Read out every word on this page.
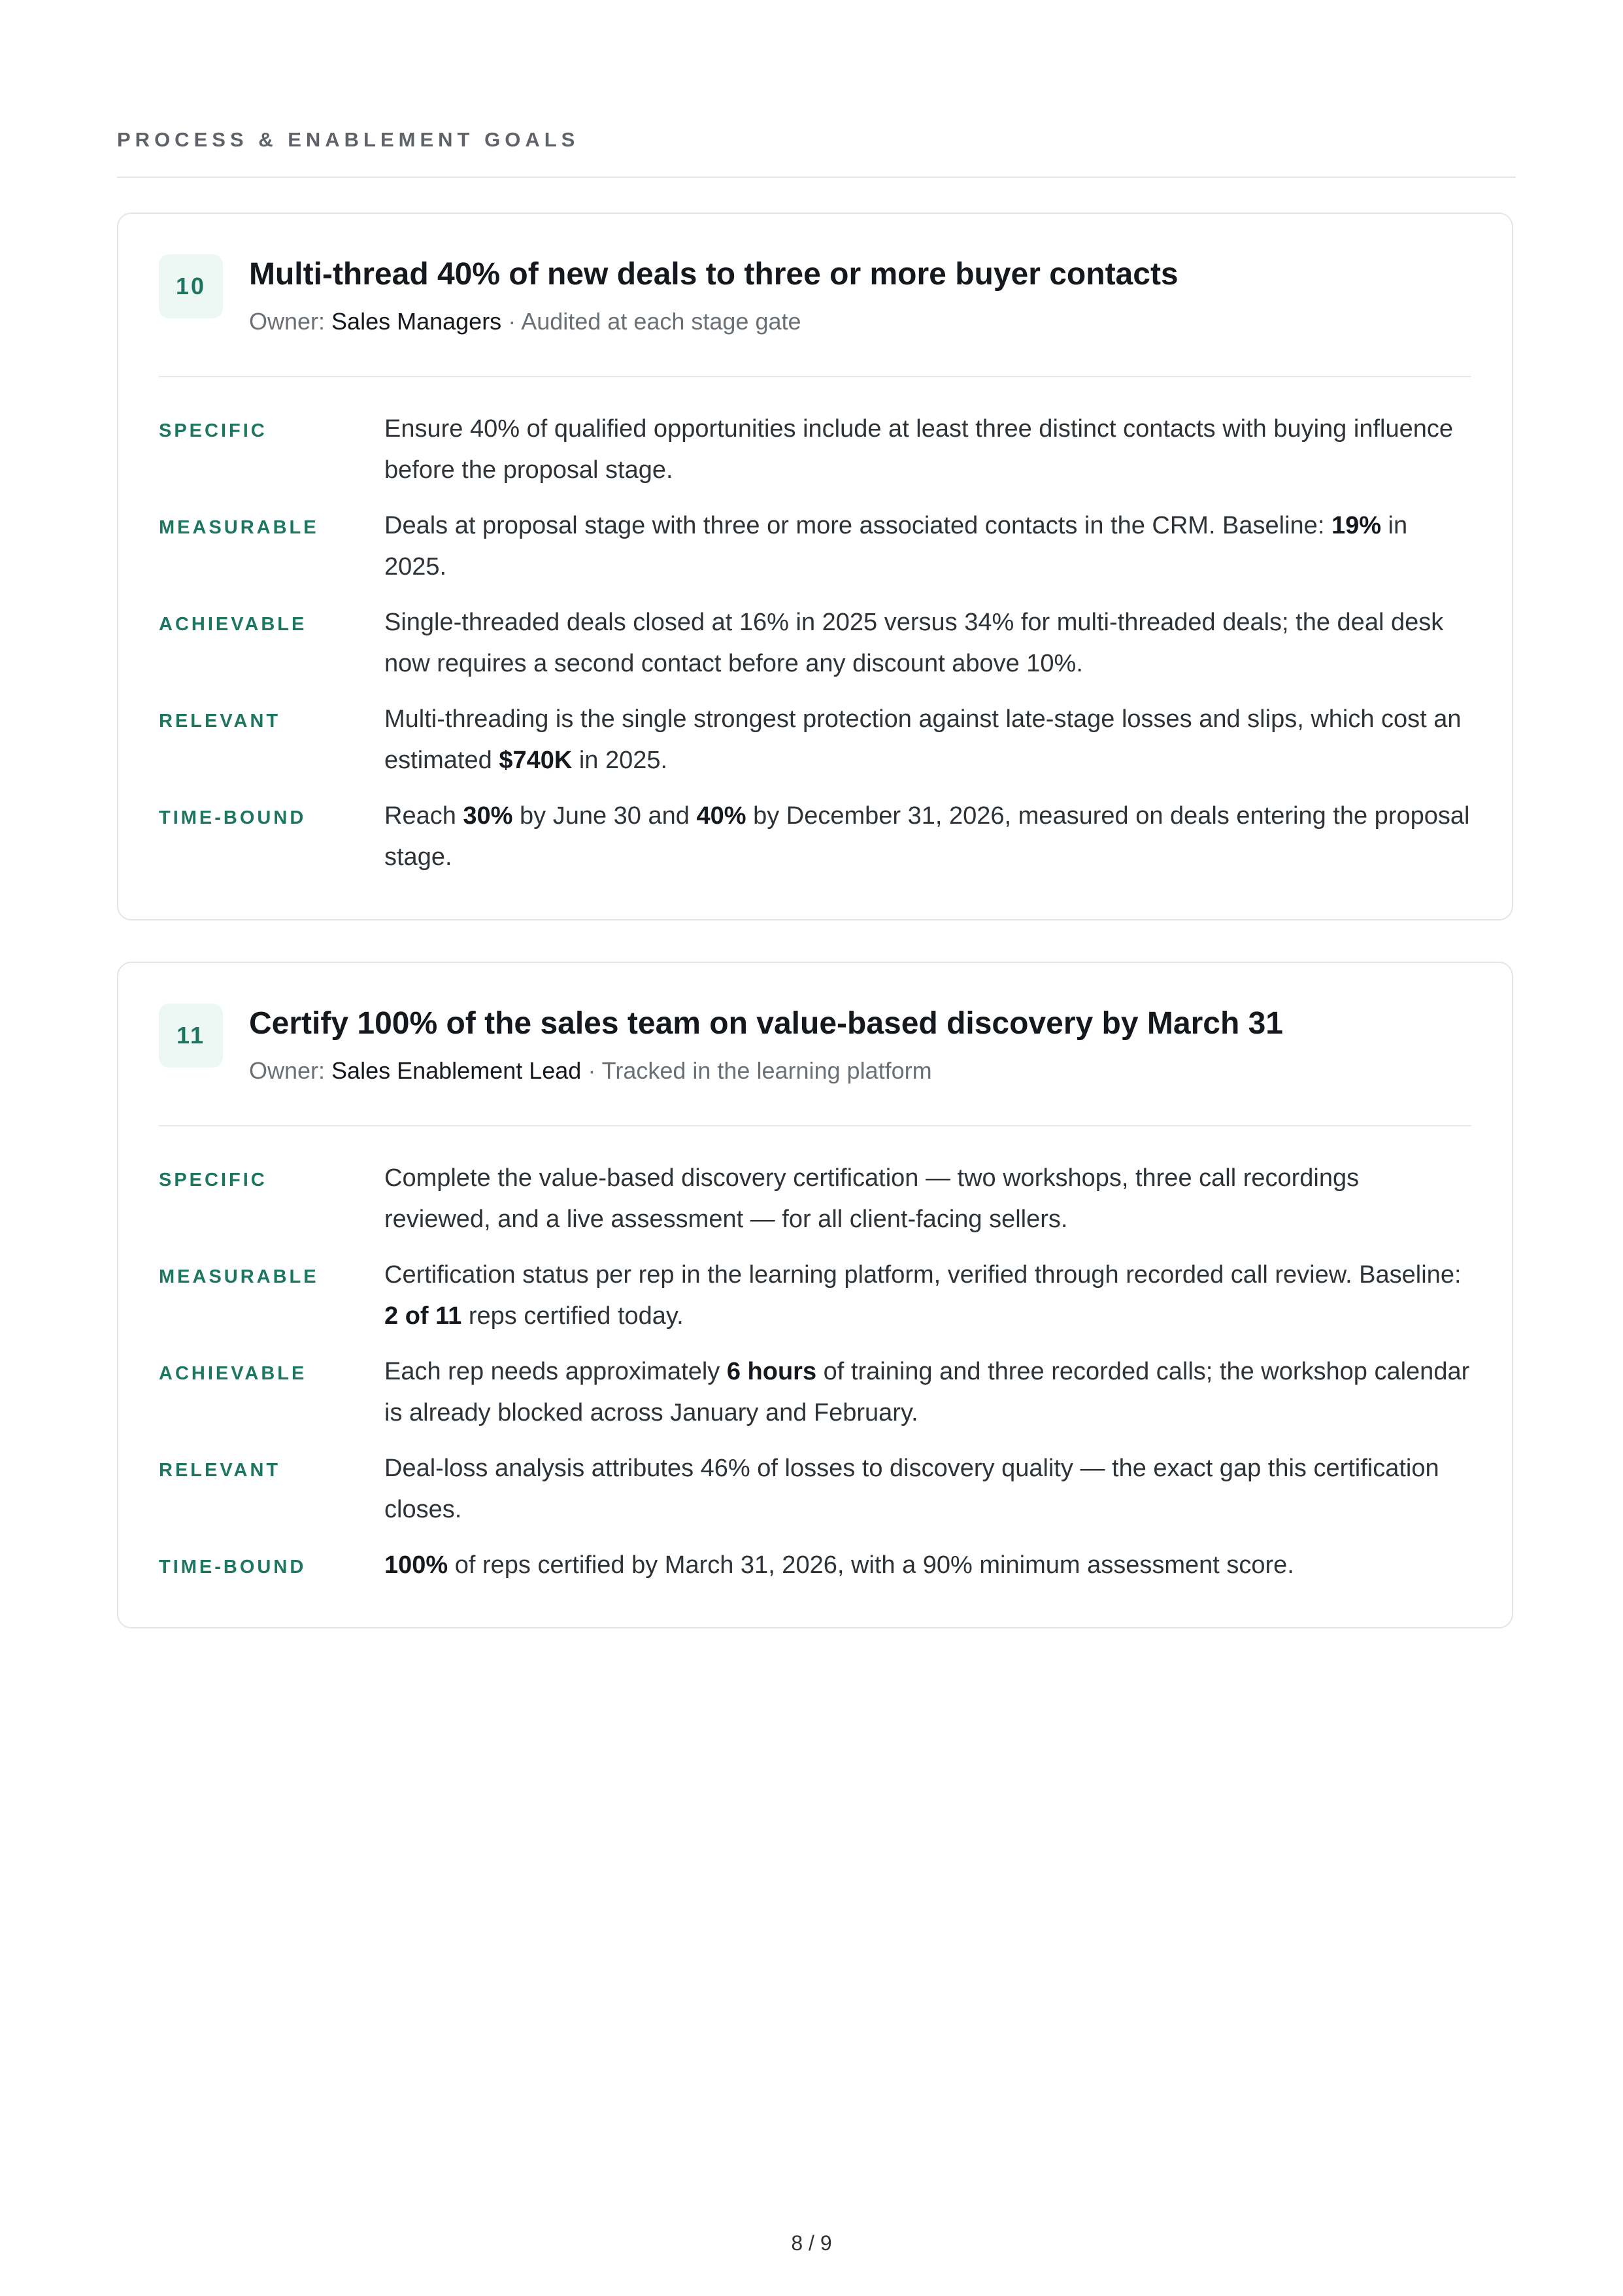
PROCESS & ENABLEMENT GOALS
10	Multi-thread 40% of new deals to three or more buyer contacts
Owner: Sales Managers · Audited at each stage gate
SPECIFIC	Ensure 40% of qualified opportunities include at least three distinct contacts with buying influence before the proposal stage.
MEASURABLE	Deals at proposal stage with three or more associated contacts in the CRM. Baseline: 19% in 2025.
ACHIEVABLE	Single-threaded deals closed at 16% in 2025 versus 34% for multi-threaded deals; the deal desk now requires a second contact before any discount above 10%.
RELEVANT	Multi-threading is the single strongest protection against late-stage losses and slips, which cost an estimated $740K in 2025.
TIME-BOUND	Reach 30% by June 30 and 40% by December 31, 2026, measured on deals entering the proposal stage.
11	Certify 100% of the sales team on value-based discovery by March 31
Owner: Sales Enablement Lead · Tracked in the learning platform
SPECIFIC	Complete the value-based discovery certification — two workshops, three call recordings reviewed, and a live assessment — for all client-facing sellers.
MEASURABLE	Certification status per rep in the learning platform, verified through recorded call review. Baseline: 2 of 11 reps certified today.
ACHIEVABLE	Each rep needs approximately 6 hours of training and three recorded calls; the workshop calendar is already blocked across January and February.
RELEVANT	Deal-loss analysis attributes 46% of losses to discovery quality — the exact gap this certification closes.
TIME-BOUND	100% of reps certified by March 31, 2026, with a 90% minimum assessment score.
8 / 9
